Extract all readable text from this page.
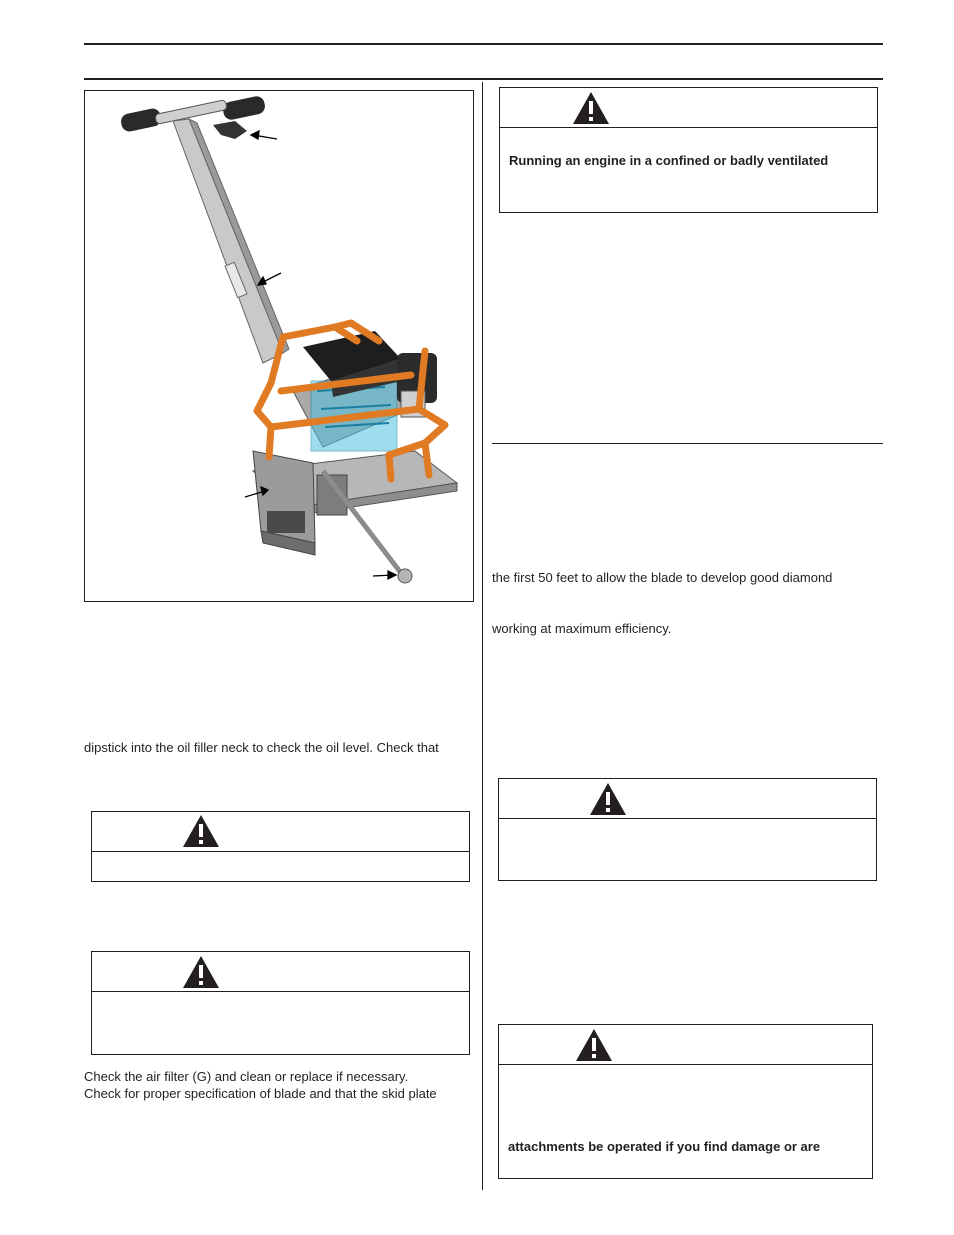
dipstick into the oil filler neck to check the oil level. Check that
Check the air filter (G) and clean or replace if necessary.
Check for proper specification of blade and that the skid plate
Running an engine in a confined or badly ventilated
the first 50 feet to allow the blade to develop good diamond
working at maximum efficiency.
attachments be operated if you find damage or are
